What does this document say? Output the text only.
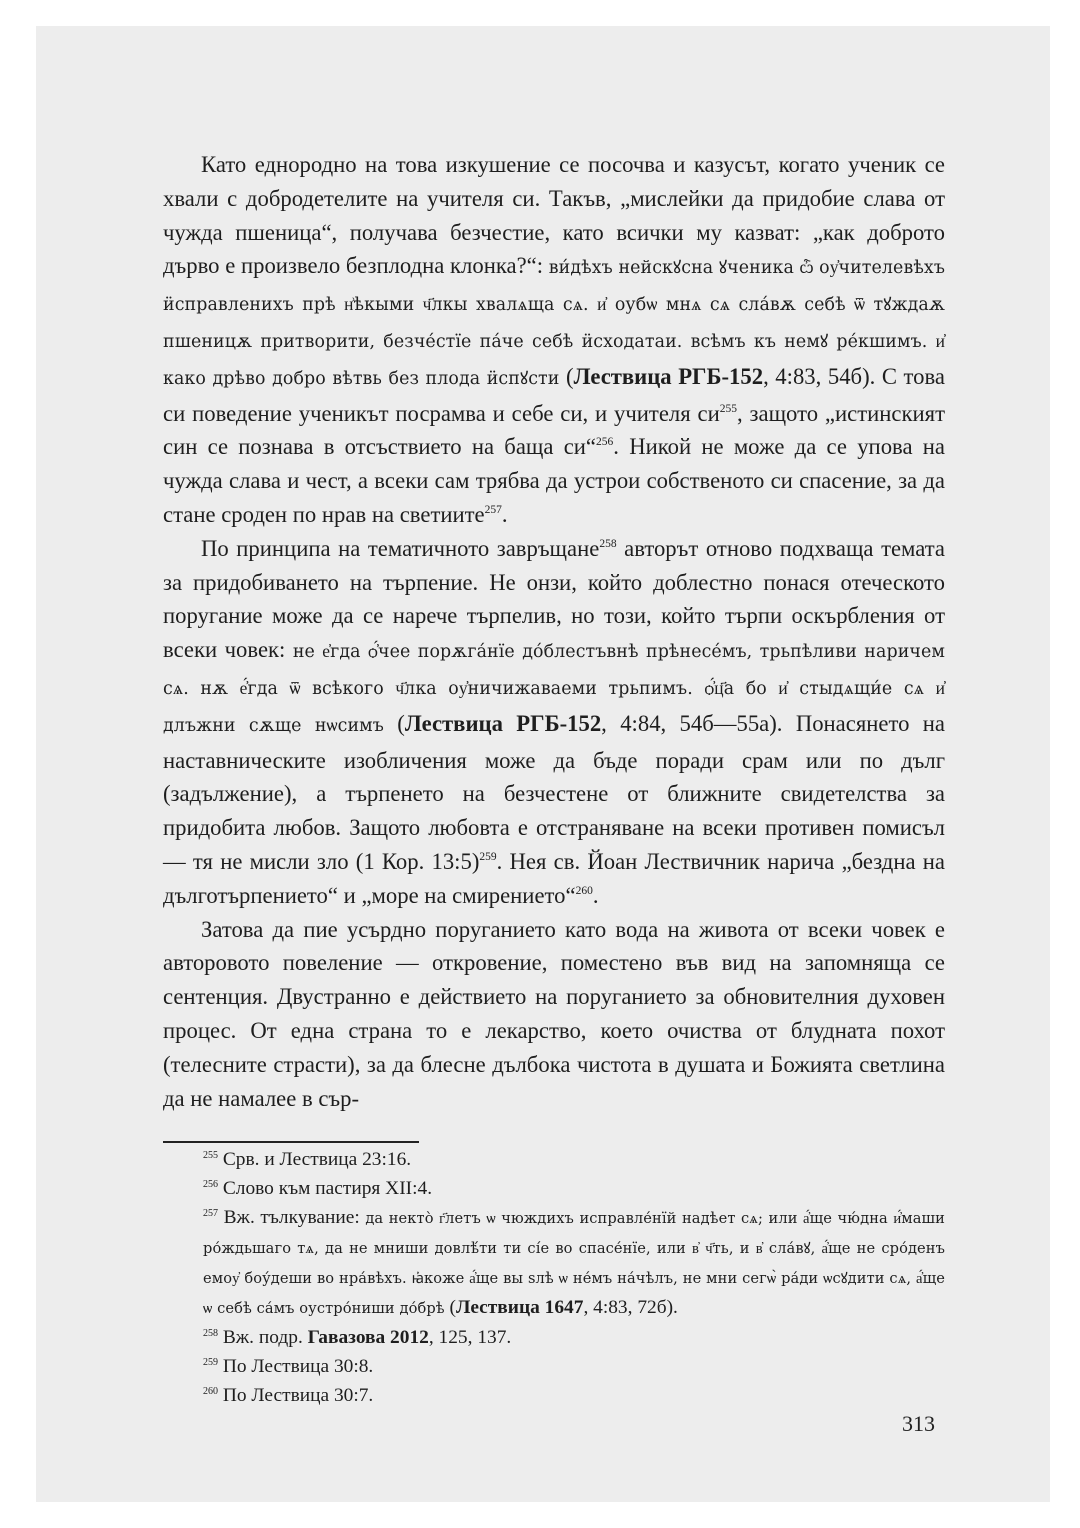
Като еднородно на това изкушение се посочва и казусът, когато ученик се хвали с добродетелите на учителя си. Такъв, „мислейки да придобие слава от чужда пшеница“, получава безчестие, като всички му казват: „как доброто дърво е произвело безплодна клонка?“: ви́дѣхъ нейскꙋсна ꙋченика ѽ оу҆чителевѣхъ ӥсправленихъ прѣ н͗ѣкыми ч҃лкы хвалѧща сѧ. и҆ оубѡ мнѧ сѧ сла́вѫ себѣ ѿ тꙋждаѫ пшеницѫ притворити, безче́стїе па́че себѣ ӥсходатаи. всѣмъ къ немꙋ ре́кшимъ. и҆ како дрѣво добро вѣтвь без плода ӥспꙋсти (Лествица РГБ-152, 4:83, 54б). С това си поведение ученикът посрамва и себе си, и учителя $си^{255}$, защото „истинският син се познава в отсъствието на баща си“$^{256}$. Никой не може да се упова на чужда слава и чест, а всеки сам трябва да устрои собственото си спасение, за да стане сроден по нрав на светиите$^{257}$.

По принципа на тематичното завръщане$^{258}$ авторът отново подхваща темата за придобиването на търпение. Не онзи, който доблестно понася отеческото поругание може да се нарече търпелив, но този, който търпи оскърбления от всеки човек: не е҆гда ѻ҆́чее порѫга́нїе до́блестъвнѣ прѣнесе́мъ, трьпѣливи наричем сѧ. нѫ е҆́гда ѿ всѣкого ч҃лка оу҆ничижаваеми трьпимъ. ѻ҆́ц҃а бо и҆ стыдѧщи́е сѧ и҆ длъжни сѫще нѡсимъ (Лествица РГБ-152, 4:84, 54б—55а). Понасянето на наставническите изобличения може да бъде поради срам или по дълг (задължение), а търпенето на безчестене от ближните свидетелства за придобита любов. Защото любовта е отстраняване на всеки противен помисъл — тя не мисли зло (1 Кор. 13:5)$^{259}$. Нея св. Йоан Лествичник нарича „бездна на дълготърпението“ и „море на смирението“$^{260}$.

Затова да пие усърдно поруганието като вода на живота от всеки човек е авторовото повеление — откровение, поместено във вид на запомняща се сентенция. Двустранно е действието на поруганието за обновителния духовен процес. От една страна то е лекарство, което очиства от блудната похот (телесните страсти), за да блесне дълбока чистота в душата и Божията светлина да не намалее в сър-

$^{255}$ Срв. и Лествица 23:16.

$^{256}$ Слово към пастиря XII:4.

$^{257}$ Вж. тълкувание: да некто̀ г҃летъ ѡ чюждихъ исправле́нїй надѣет сѧ; или а҆́ще чю́дна и҆́маши ро́ждьшаго тѧ, да не мниши довлѣ́ти ти сі́е во спасе́нїе, или в҆ ч҃ть, и в҆ сла́вꙋ, а҆́ще не сро́денъ емоу҆ боу́деши во нра́вѣхъ. ꙗ҆коже а҆́ще вы ѕлѣ ѡ не́мъ на́чѣлъ, не мни сегѡ̀ ра́ди ѡсꙋдити сѧ, а҆́ще ѡ себѣ са́мъ оустро́ниши до́брѣ (Лествица 1647, 4:83, 72б).

$^{258}$ Вж. подр. Гавазова 2012, 125, 137.

$^{259}$ По Лествица 30:8.

$^{260}$ По Лествица 30:7.

313
